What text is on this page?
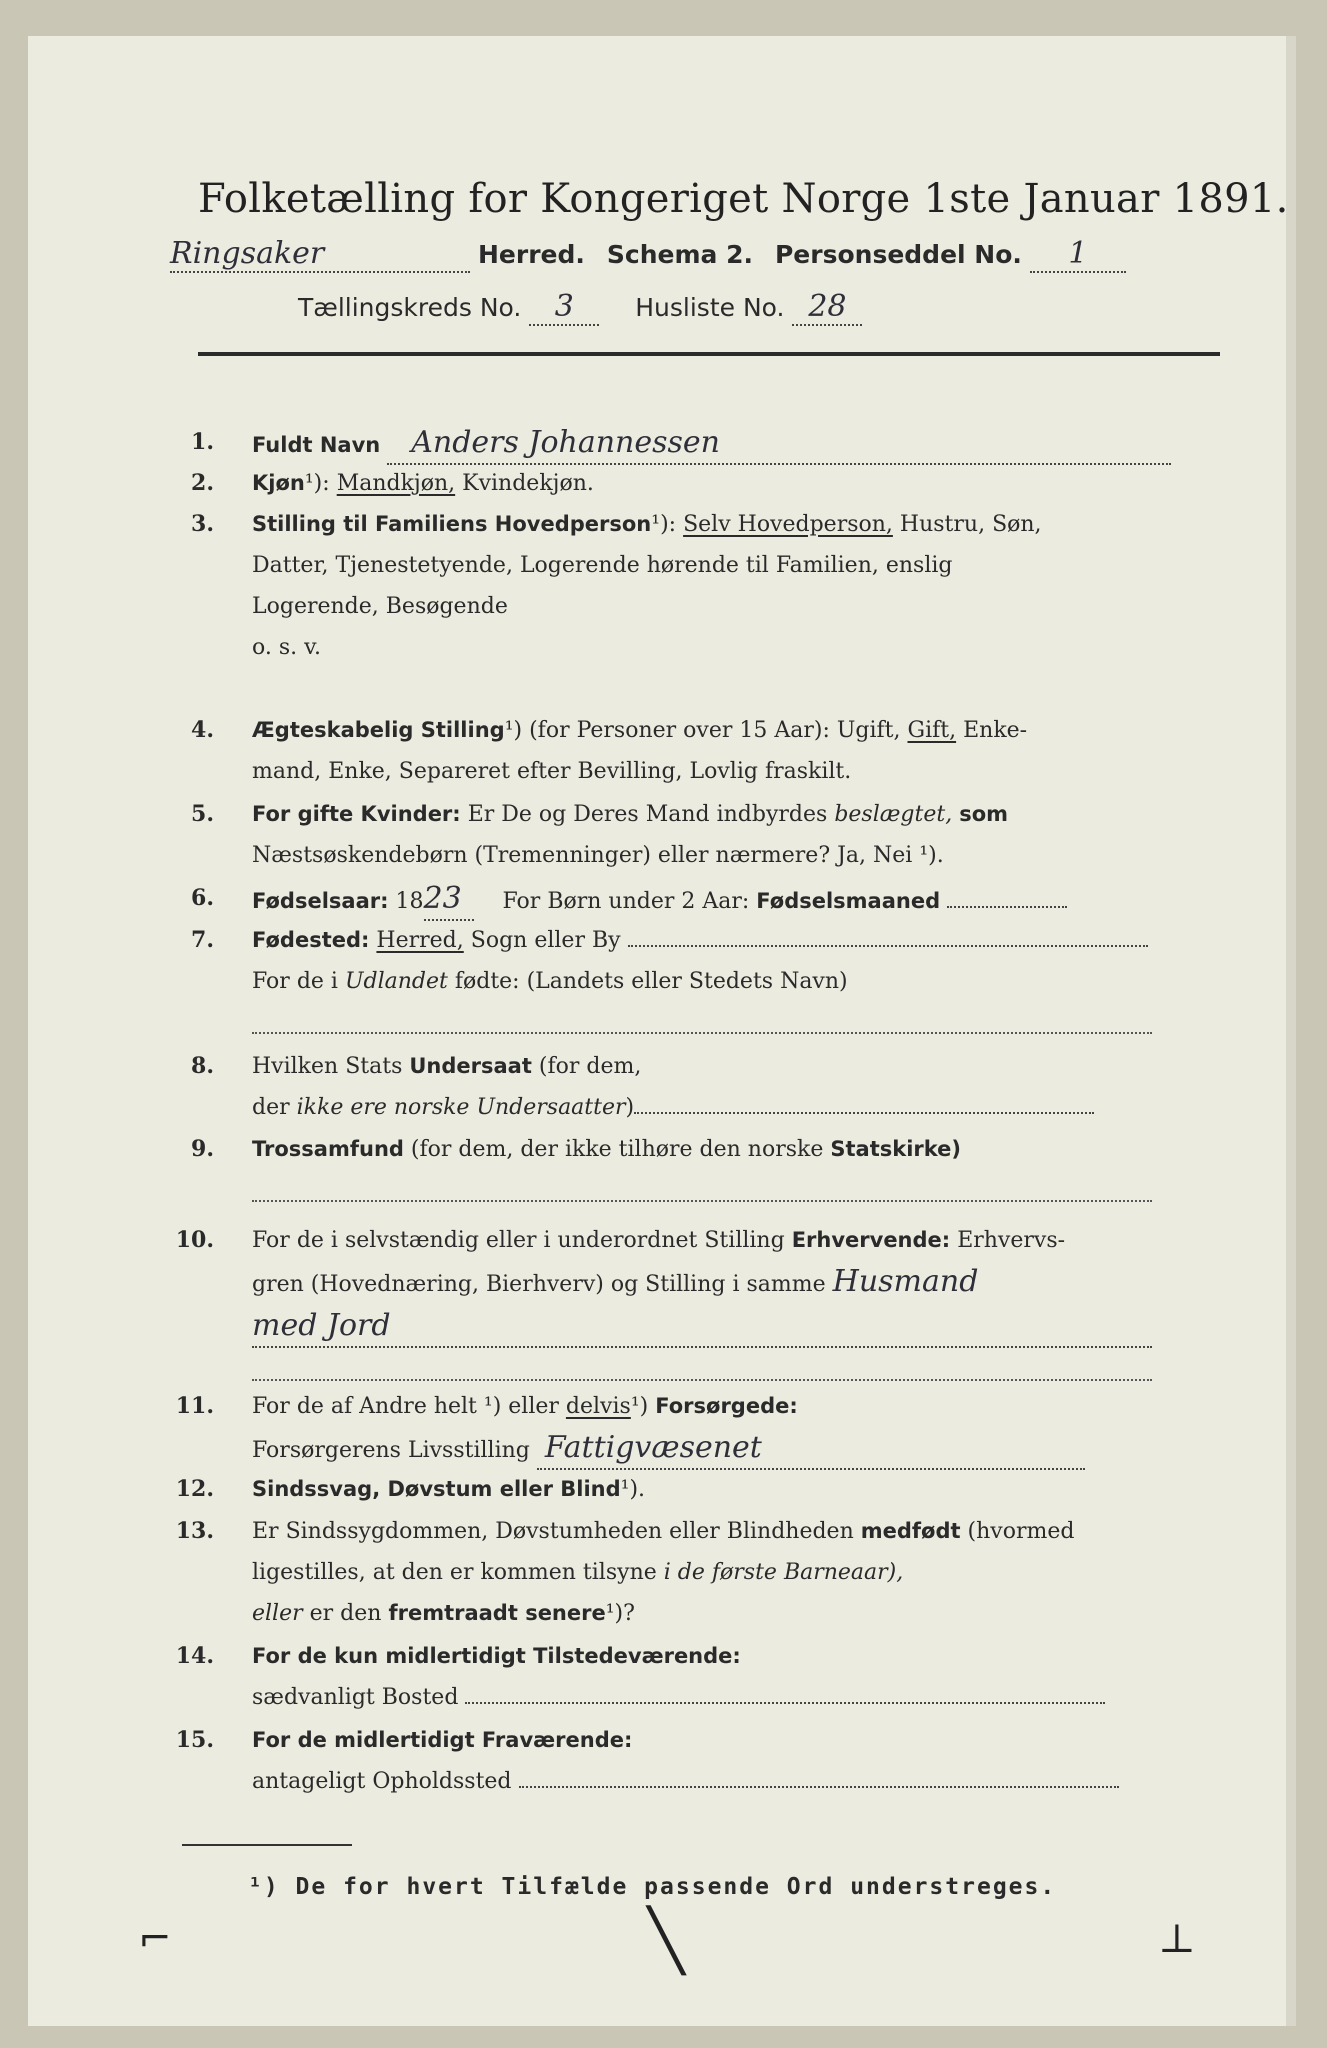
Folketælling for Kongeriget Norge 1ste Januar 1891.
Ringsaker	Herred. Schema 2. Personseddel No.	1
Tællingskreds No. 3 Husliste No. 28
1. Fuldt Navn Anders Johannessen
2. Kjøn¹): Mandkjøn, Kvindekjøn.
3. Stilling til Familiens Hovedperson¹): Selv Hovedperson, Hustru, Søn,
Datter, Tjenestetyende, Logerende hørende til Familien, enslig
Logerende, Besøgende
o. s. v.
4. Ægteskabelig Stilling¹) (for Personer over 15 Aar): Ugift, Gift, Enke-
mand, Enke, Separeret efter Bevilling, Lovlig fraskilt.
5. For gifte Kvinder: Er De og Deres Mand indbyrdes beslægtet, som
Næstsøskendebørn (Tremenninger) eller nærmere? Ja, Nei ¹).
6. Fødselsaar: 1823 For Børn under 2 Aar: Fødselsmaaned
7. Fødested: Herred, Sogn eller By
For de i Udlandet fødte: (Landets eller Stedets Navn)
8. Hvilken Stats Undersaat (for dem,
der ikke ere norske Undersaatter)
9. Trossamfund (for dem, der ikke tilhøre den norske Statskirke)
10. For de i selvstændig eller i underordnet Stilling Erhvervende: Erhvervs-
gren (Hovednæring, Bierhverv) og Stilling i samme Husmand
med Jord
11. For de af Andre helt ¹) eller delvis¹) Forsørgede:
Forsørgerens Livsstilling Fattigvæsenet
12. Sindssvag, Døvstum eller Blind¹).
13. Er Sindssygdommen, Døvstumheden eller Blindheden medfødt (hvormed
ligestilles, at den er kommen tilsyne i de første Barneaar),
eller er den fremtraadt senere¹)?
14. For de kun midlertidigt Tilstedeværende:
sædvanligt Bosted
15. For de midlertidigt Fraværende:
antageligt Opholdssted
¹) De for hvert Tilfælde passende Ord understreges.
⌐	╲	⊥
